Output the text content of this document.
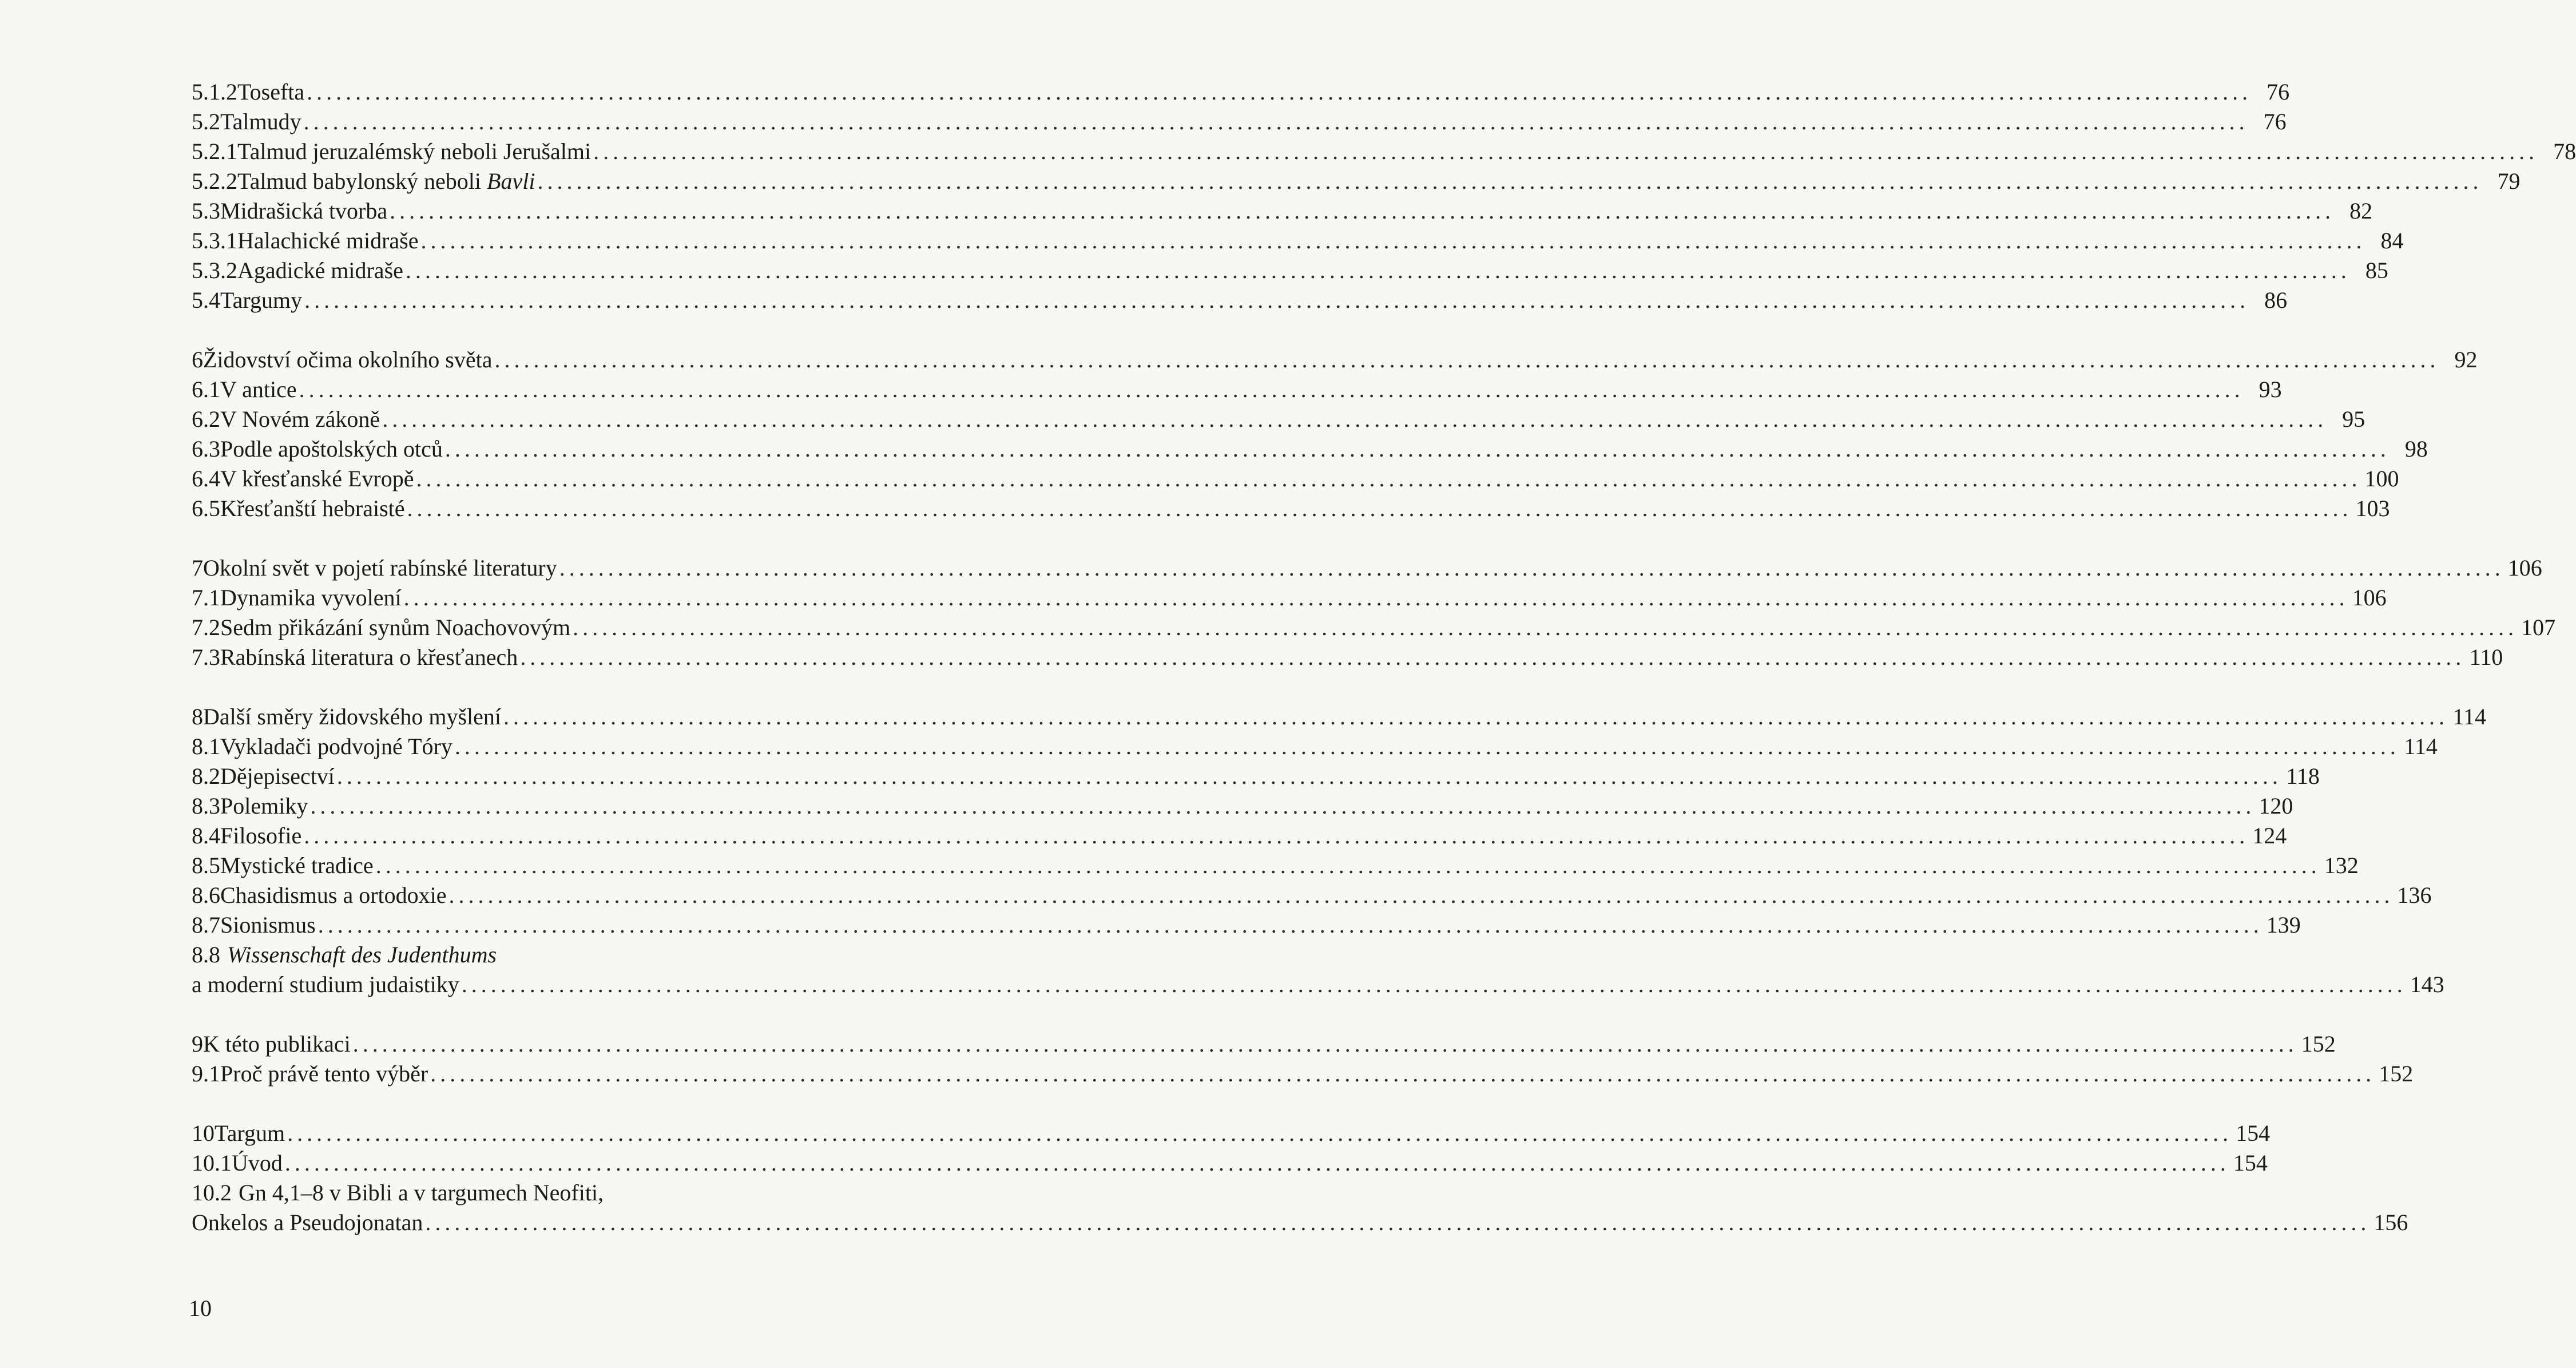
5.1.2 Tosefta ........................................................................................................................................................................................................ 76
5.2 Talmudy ........................................................................................................................................................................................................ 76
5.2.1 Talmud jeruzalémský neboli Jerušalmi ........................................................................................................................................................................................................ 78
5.2.2 Talmud babylonský neboli Bavli ........................................................................................................................................................................................................ 79
5.3 Midrašická tvorba ........................................................................................................................................................................................................ 82
5.3.1 Halachické midraše ........................................................................................................................................................................................................ 84
5.3.2 Agadické midraše ........................................................................................................................................................................................................ 85
5.4 Targumy ........................................................................................................................................................................................................ 86
6 Židovství očima okolního světa ........................................................................................................................................................................................................ 92
6.1 V antice ........................................................................................................................................................................................................ 93
6.2 V Novém zákoně ........................................................................................................................................................................................................ 95
6.3 Podle apoštolských otců ........................................................................................................................................................................................................ 98
6.4 V křesťanské Evropě ........................................................................................................................................................................................................ 100
6.5 Křesťanští hebraisté ........................................................................................................................................................................................................ 103
7 Okolní svět v pojetí rabínské literatury ........................................................................................................................................................................................................ 106
7.1 Dynamika vyvolení ........................................................................................................................................................................................................ 106
7.2 Sedm přikázání synům Noachovovým ........................................................................................................................................................................................................ 107
7.3 Rabínská literatura o křesťanech ........................................................................................................................................................................................................ 110
8 Další směry židovského myšlení ........................................................................................................................................................................................................ 114
8.1 Vykladači podvojné Tóry ........................................................................................................................................................................................................ 114
8.2 Dějepisectví ........................................................................................................................................................................................................ 118
8.3 Polemiky ........................................................................................................................................................................................................ 120
8.4 Filosofie ........................................................................................................................................................................................................ 124
8.5 Mystické tradice ........................................................................................................................................................................................................ 132
8.6 Chasidismus a ortodoxie ........................................................................................................................................................................................................ 136
8.7 Sionismus ........................................................................................................................................................................................................ 139
8.8 Wissenschaft des Judenthums
a moderní studium judaistiky ........................................................................................................................................................................................................ 143
9 K této publikaci ........................................................................................................................................................................................................ 152
9.1 Proč právě tento výběr ........................................................................................................................................................................................................ 152
10 Targum ........................................................................................................................................................................................................ 154
10.1 Úvod ........................................................................................................................................................................................................ 154
10.2 Gn 4,1–8 v Bibli a v targumech Neofiti,
Onkelos a Pseudojonatan ........................................................................................................................................................................................................ 156
10
